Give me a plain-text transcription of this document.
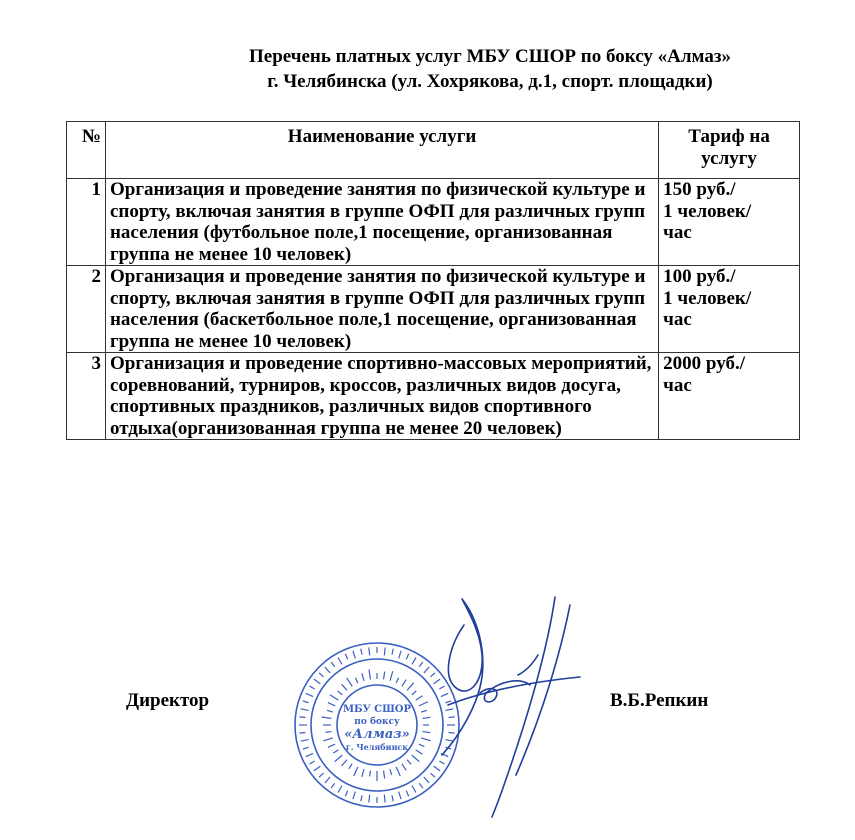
Перечень платных услуг МБУ СШОР по боксу «Алмаз»
г. Челябинска (ул. Хохрякова, д.1, спорт. площадки)
№	Наименование услуги	Тариф на услугу
1	Организация и проведение занятия по физической культуре и спорту, включая занятия в группе ОФП для различных групп населения (футбольное поле,1 посещение, организованная группа не менее 10 человек)	150 руб./
1 человек/
час
2	Организация и проведение занятия по физической культуре и спорту, включая занятия в группе ОФП для различных групп населения (баскетбольное поле,1 посещение, организованная группа не менее 10 человек)	100 руб./
1 человек/
час
3	Организация и проведение спортивно-массовых мероприятий, соревнований, турниров, кроссов, различных видов досуга, спортивных праздников, различных видов спортивного отдыха(организованная группа не менее 20 человек)	2000 руб./
час
МБУ СШОР
по боксу
«Алмаз»
г. Челябинск
Директор	В.Б.Репкин
